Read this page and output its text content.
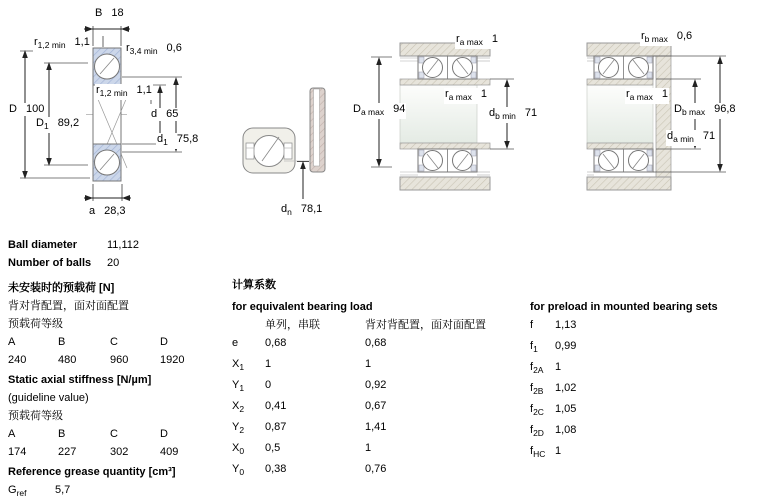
B 18
$r_{1,2 min}$ 1,1	$r_{3,4 min}$ 0,6
D 100
$D_1$ 89,2
$r_{1,2 min}$ 1,1
d 65
$d_1$ 75,8
a 28,3	$d_n$ 78,1
$r_{a max}$ 1
$D_{a max}$ 94
$r_{a max}$ 1
$d_{b min}$ 71
$r_{b max}$ 0,6
$r_{a max}$ 1
$D_{b max}$ 96,8
$d_{a min}$ 71
Ball diameter	11,112
Number of balls	20
未安装时的预载荷 [N]
背对背配置，面对面配置
预载荷等级
A	B	C	D
240	480	960	1920
Static axial stiffness [N/µm]
(guideline value)
预载荷等级
A	B	C	D
174	227	302	409
Reference grease quantity [cm³]
$G_{ref}$	5,7
计算系数
for equivalent bearing load
单列，串联	背对背配置，面对面配置
e	0,68	0,68
$X_1$	1	1
$Y_1$	0	0,92
$X_2$	0,41	0,67
$Y_2$	0,87	1,41
$X_0$	0,5	1
$Y_0$	0,38	0,76
for preload in mounted bearing sets
f	1,13
$f_1$	0,99
$f_{2A}$	1
$f_{2B}$	1,02
$f_{2C}$	1,05
$f_{2D}$	1,08
$f_{HC}$ 1
